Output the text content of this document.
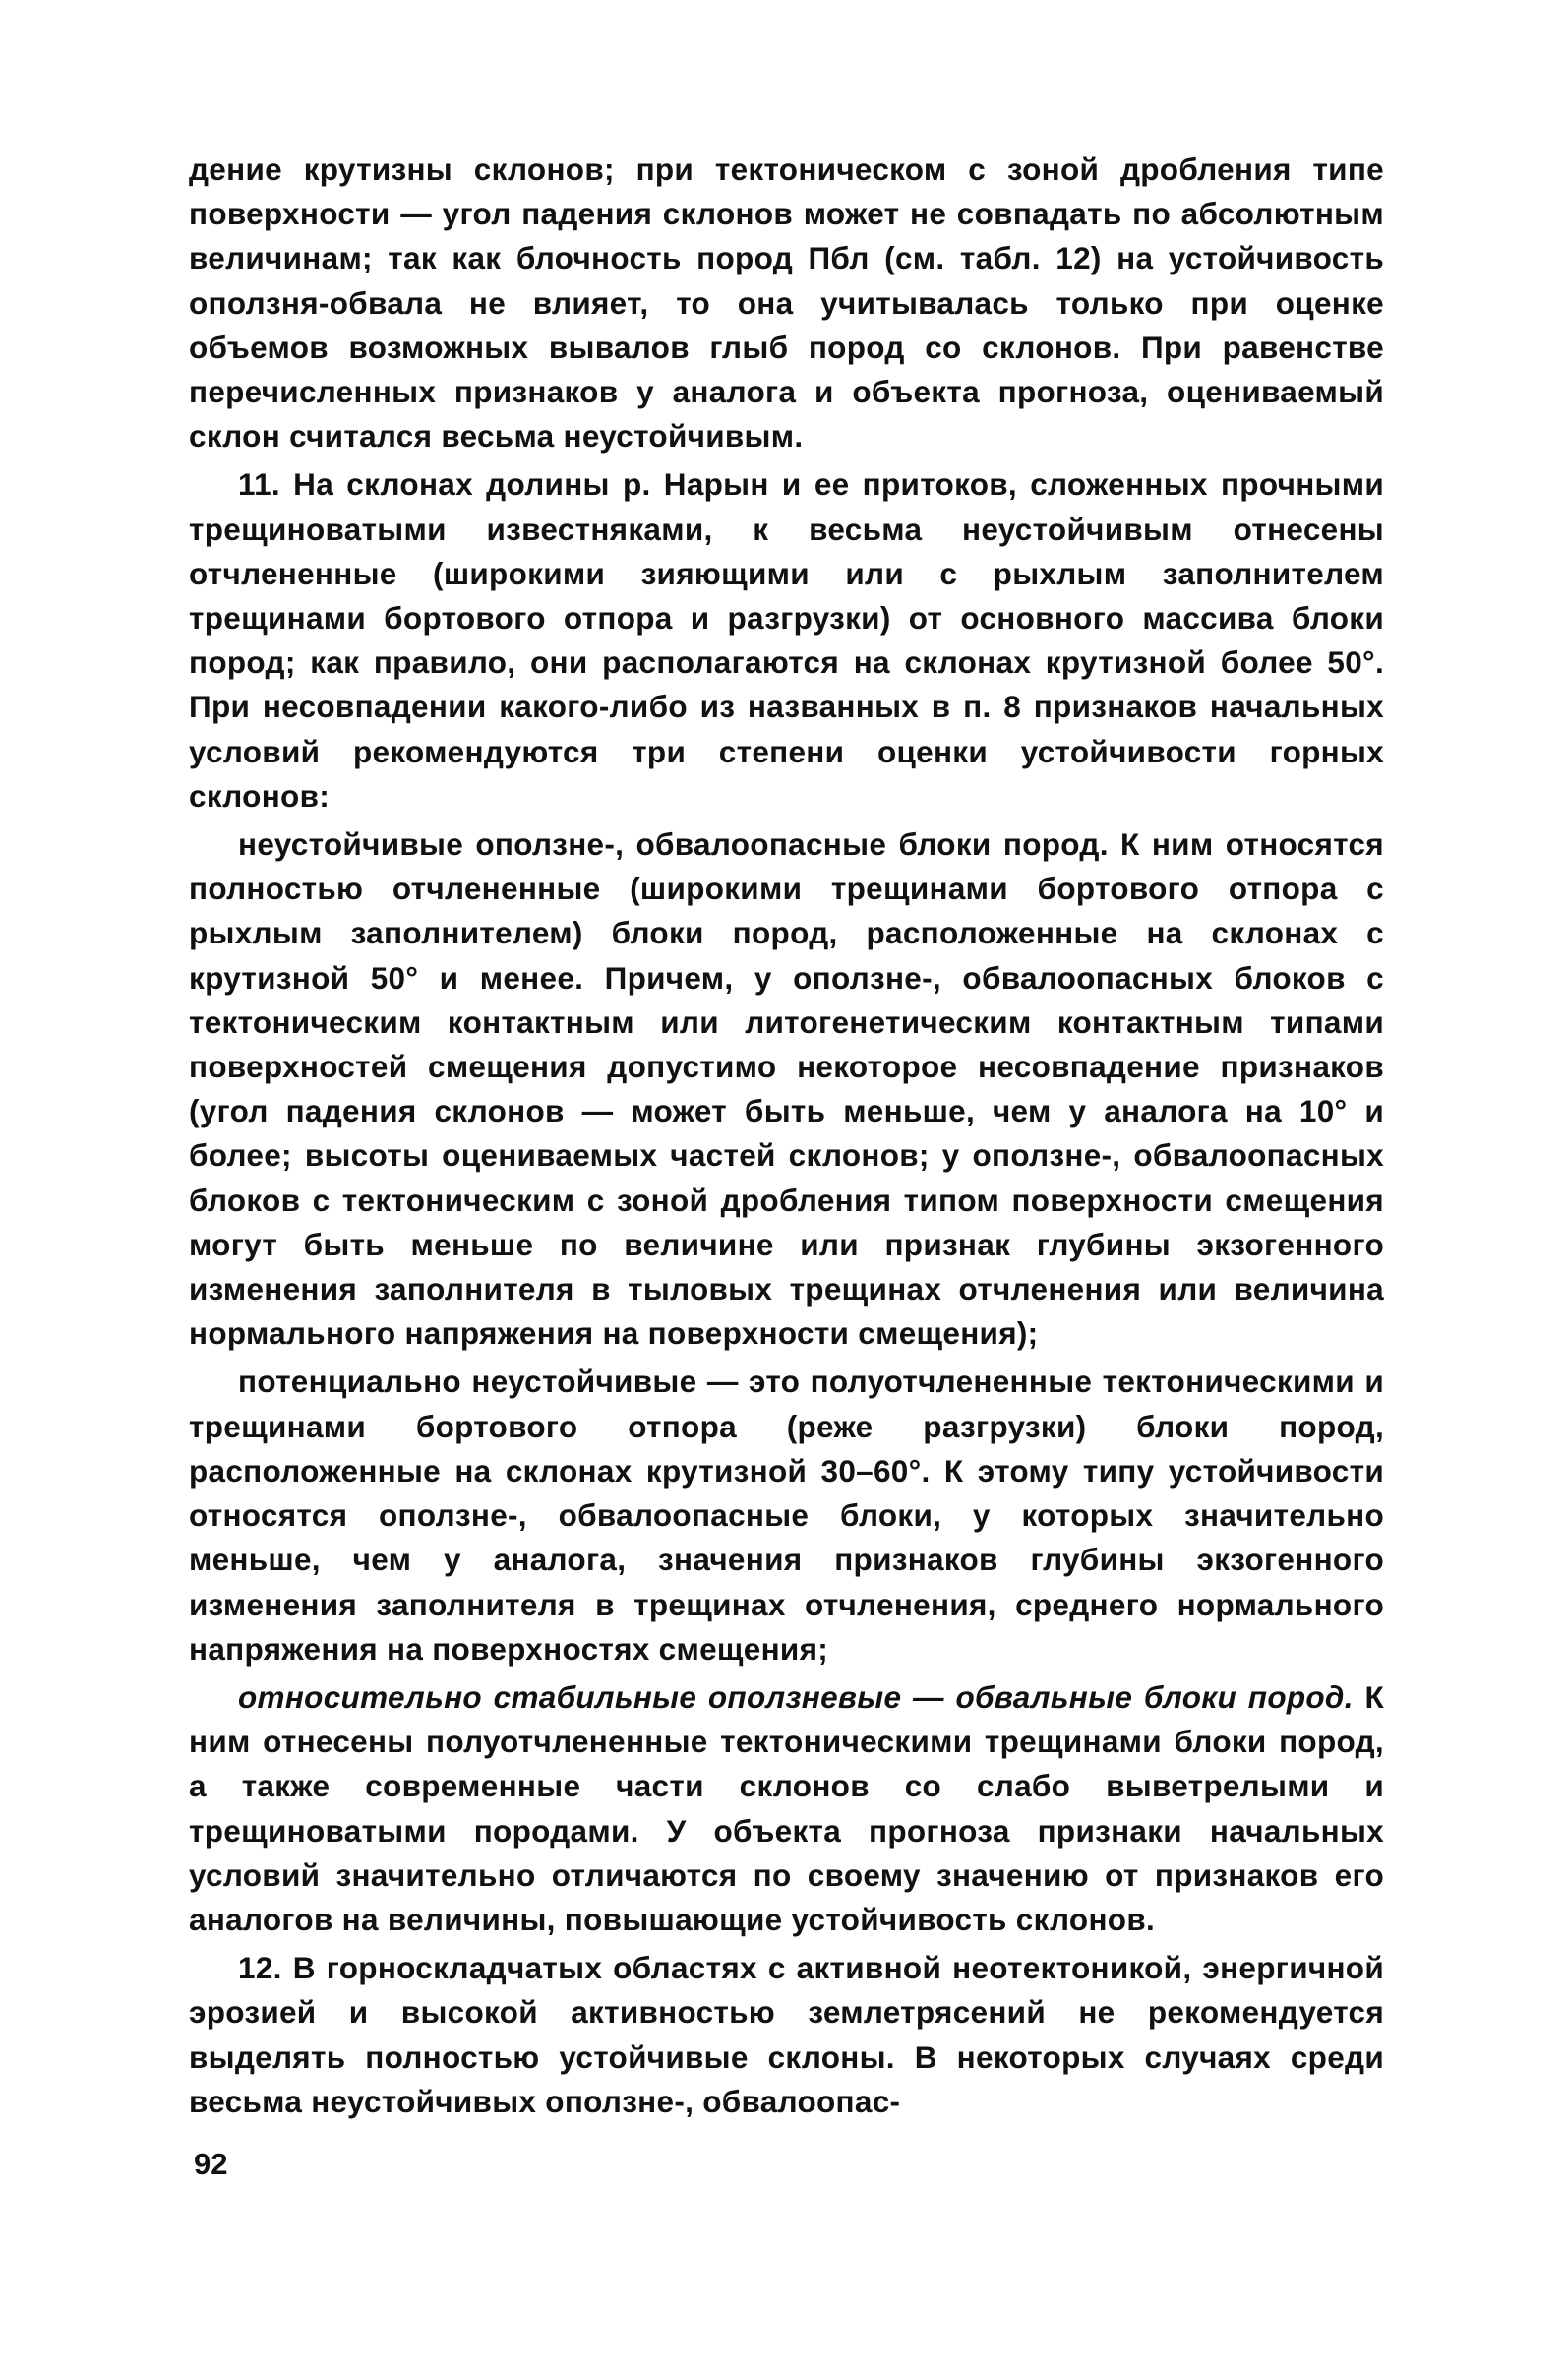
дение крутизны склонов; при тектоническом с зоной дробления типе поверхности — угол падения склонов может не совпадать по абсолютным величинам; так как блочность пород Пбл (см. табл. 12) на устойчивость оползня-обвала не влияет, то она учитывалась только при оценке объемов возможных вывалов глыб пород со склонов. При равенстве перечисленных признаков у аналога и объекта прогноза, оцениваемый склон считался весьма неустойчивым.

11. На склонах долины р. Нарын и ее притоков, сложенных прочными трещиноватыми известняками, к весьма неустойчивым отнесены отчлененные (широкими зияющими или с рыхлым заполнителем трещинами бортового отпора и разгрузки) от основного массива блоки пород; как правило, они располагаются на склонах крутизной более 50°. При несовпадении какого-либо из названных в п. 8 признаков начальных условий рекомендуются три степени оценки устойчивости горных склонов:

неустойчивые оползне-, обвалоопасные блоки пород. К ним относятся полностью отчлененные (широкими трещинами бортового отпора с рыхлым заполнителем) блоки пород, расположенные на склонах с крутизной 50° и менее. Причем, у оползне-, обвалоопасных блоков с тектоническим контактным или литогенетическим контактным типами поверхностей смещения допустимо некоторое несовпадение признаков (угол падения склонов — может быть меньше, чем у аналога на 10° и более; высоты оцениваемых частей склонов; у оползне-, обвалоопасных блоков с тектоническим с зоной дробления типом поверхности смещения могут быть меньше по величине или признак глубины экзогенного изменения заполнителя в тыловых трещинах отчленения или величина нормального напряжения на поверхности смещения);

потенциально неустойчивые — это полуотчлененные тектоническими и трещинами бортового отпора (реже разгрузки) блоки пород, расположенные на склонах крутизной 30–60°. К этому типу устойчивости относятся оползне-, обвалоопасные блоки, у которых значительно меньше, чем у аналога, значения признаков глубины экзогенного изменения заполнителя в трещинах отчленения, среднего нормального напряжения на поверхностях смещения;

относительно стабильные оползневые — обвальные блоки пород. К ним отнесены полуотчлененные тектоническими трещинами блоки пород, а также современные части склонов со слабо выветрелыми и трещиноватыми породами. У объекта прогноза признаки начальных условий значительно отличаются по своему значению от признаков его аналогов на величины, повышающие устойчивость склонов.

12. В горноскладчатых областях с активной неотектоникой, энергичной эрозией и высокой активностью землетрясений не рекомендуется выделять полностью устойчивые склоны. В некоторых случаях среди весьма неустойчивых оползне-, обвалоопас-

92
